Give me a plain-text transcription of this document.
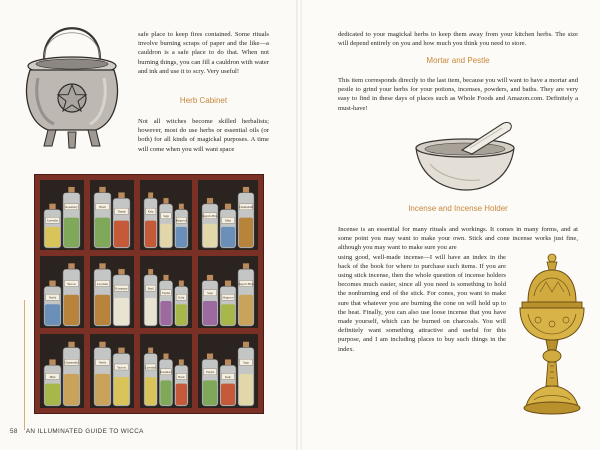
safe place to keep fires contained. Some rituals involve burning scraps of paper and the like—a cauldron is a safe place to do that. When not burning things, you can fill a cauldron with water and ink and use it to scry. Very useful!

Herb Cabinet

Not all witches become skilled herbalists; however, most do use herbs or essential oils (or both) for all kinds of magickal purposes. A time will come when you will want space

Lavender
Rosemary	Basil
Thyme	Kelp
Sage
Mugwort
Dragon's Blood
Mint
Chamomile
Nettle
Yarrow	Lavender
Rosemary	Basil
Thyme
Kelp
Sage
Mugwort
Dragon's Blood
Mint
Chamomile	Nettle
Yarrow	Lavender
Rosemary
Basil
Thyme
Kelp
Sage
58 AN ILLUMINATED GUIDE TO WICCA

dedicated to your magickal herbs to keep them away from your kitchen herbs. The size will depend entirely on you and how much you think you need to store.

Mortar and Pestle

This item corresponds directly to the last item, because you will want to have a mortar and pestle to grind your herbs for your potions, incenses, powders, and baths. They are very easy to find in these days of places such as Whole Foods and Amazon.com. Definitely a must-have!

Incense and Incense Holder

Incense is an essential for many rituals and workings. It comes in many forms, and at some point you may want to make your own. Stick and cone incense works just fine, although you may want to make sure you are

using good, well-made incense—I will have an index in the back of the book for where to purchase such items. If you are using stick incense, then the whole question of incense holders becomes much easier, since all you need is something to hold the nonburning end of the stick. For cones, you want to make sure that whatever you are burning the cone on will hold up to the heat. Finally, you can also use loose incense that you have made yourself, which can be burned on charcoals. You will definitely want something attractive and useful for this purpose, and I am including places to buy such things in the index.
